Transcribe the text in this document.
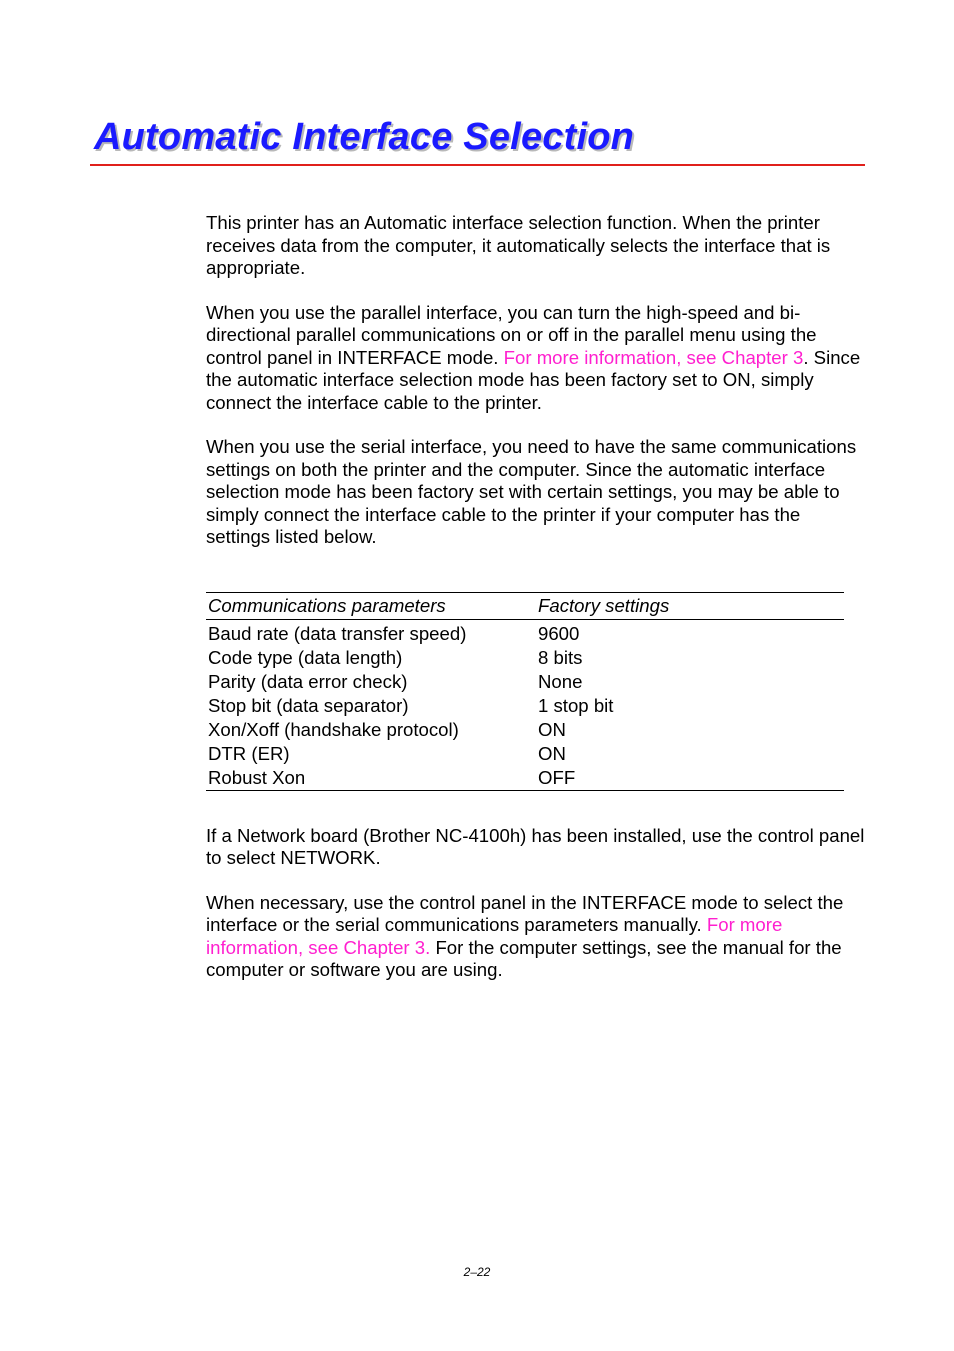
Automatic Interface Selection

This printer has an Automatic interface selection function. When the printer receives data from the computer, it automatically selects the interface that is appropriate.

When you use the parallel interface, you can turn the high-speed and bi-directional parallel communications on or off in the parallel menu using the control panel in INTERFACE mode. For more information, see Chapter 3. Since the automatic interface selection mode has been factory set to ON, simply connect the interface cable to the printer.

When you use the serial interface, you need to have the same communications settings on both the printer and the computer. Since the automatic interface selection mode has been factory set with certain settings, you may be able to simply connect the interface cable to the printer if your computer has the settings listed below.

Communications parameters	Factory settings
Baud rate (data transfer speed)	9600
Code type (data length)	8 bits
Parity (data error check)	None
Stop bit (data separator)	1 stop bit
Xon/Xoff (handshake protocol)	ON
DTR (ER)	ON
Robust Xon	OFF

If a Network board (Brother NC-4100h) has been installed, use the control panel to select NETWORK.

When necessary, use the control panel in the INTERFACE mode to select the interface or the serial communications parameters manually. For more information, see Chapter 3. For the computer settings, see the manual for the computer or software you are using.

2–22
